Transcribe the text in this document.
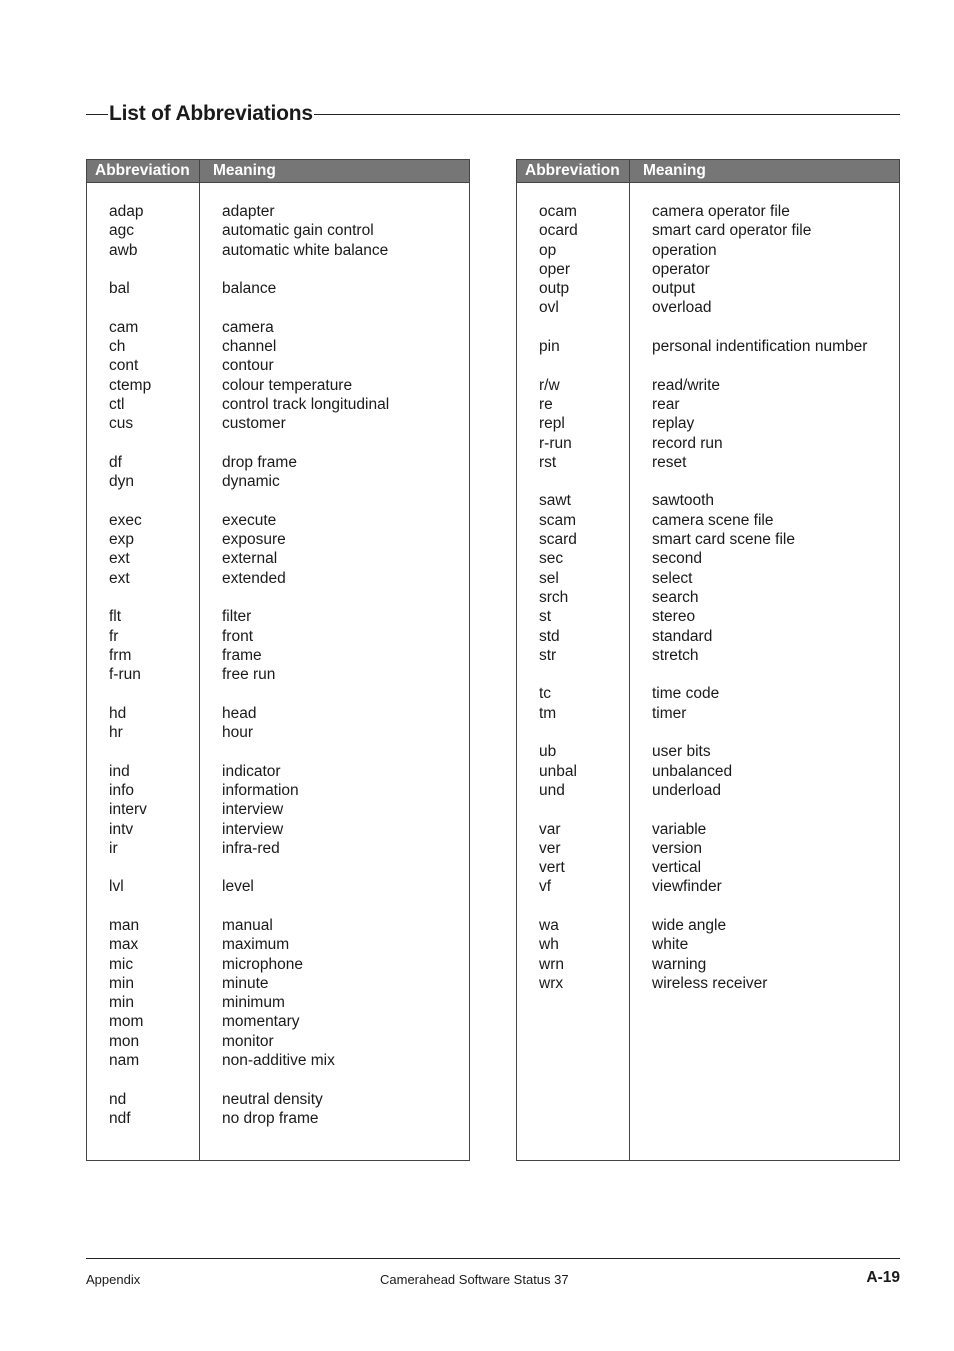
List of Abbreviations
Abbreviation Meaning
adap	adapter
agc	automatic gain control
awb	automatic white balance
bal	balance
cam	camera
ch	channel
cont	contour
ctemp	colour temperature
ctl	control track longitudinal
cus	customer
df	drop frame
dyn	dynamic
exec	execute
exp	exposure
ext	external
ext	extended
flt	filter
fr	front
frm	frame
f-run	free run
hd	head
hr	hour
ind	indicator
info	information
interv	interview
intv	interview
ir	infra-red
lvl	level
man	manual
max	maximum
mic	microphone
min	minute
min	minimum
mom	momentary
mon	monitor
nam	non-additive mix
nd	neutral density
ndf	no drop frame
Abbreviation Meaning
ocam	camera operator file
ocard	smart card operator file
op	operation
oper	operator
outp	output
ovl	overload
pin	personal indentification number
r/w	read/write
re	rear
repl	replay
r-run	record run
rst	reset
sawt	sawtooth
scam	camera scene file
scard	smart card scene file
sec	second
sel	select
srch	search
st	stereo
std	standard
str	stretch
tc	time code
tm	timer
ub	user bits
unbal	unbalanced
und	underload
var	variable
ver	version
vert	vertical
vf	viewfinder
wa	wide angle
wh	white
wrn	warning
wrx	wireless receiver
Appendix	Camerahead Software Status 37	A-19
